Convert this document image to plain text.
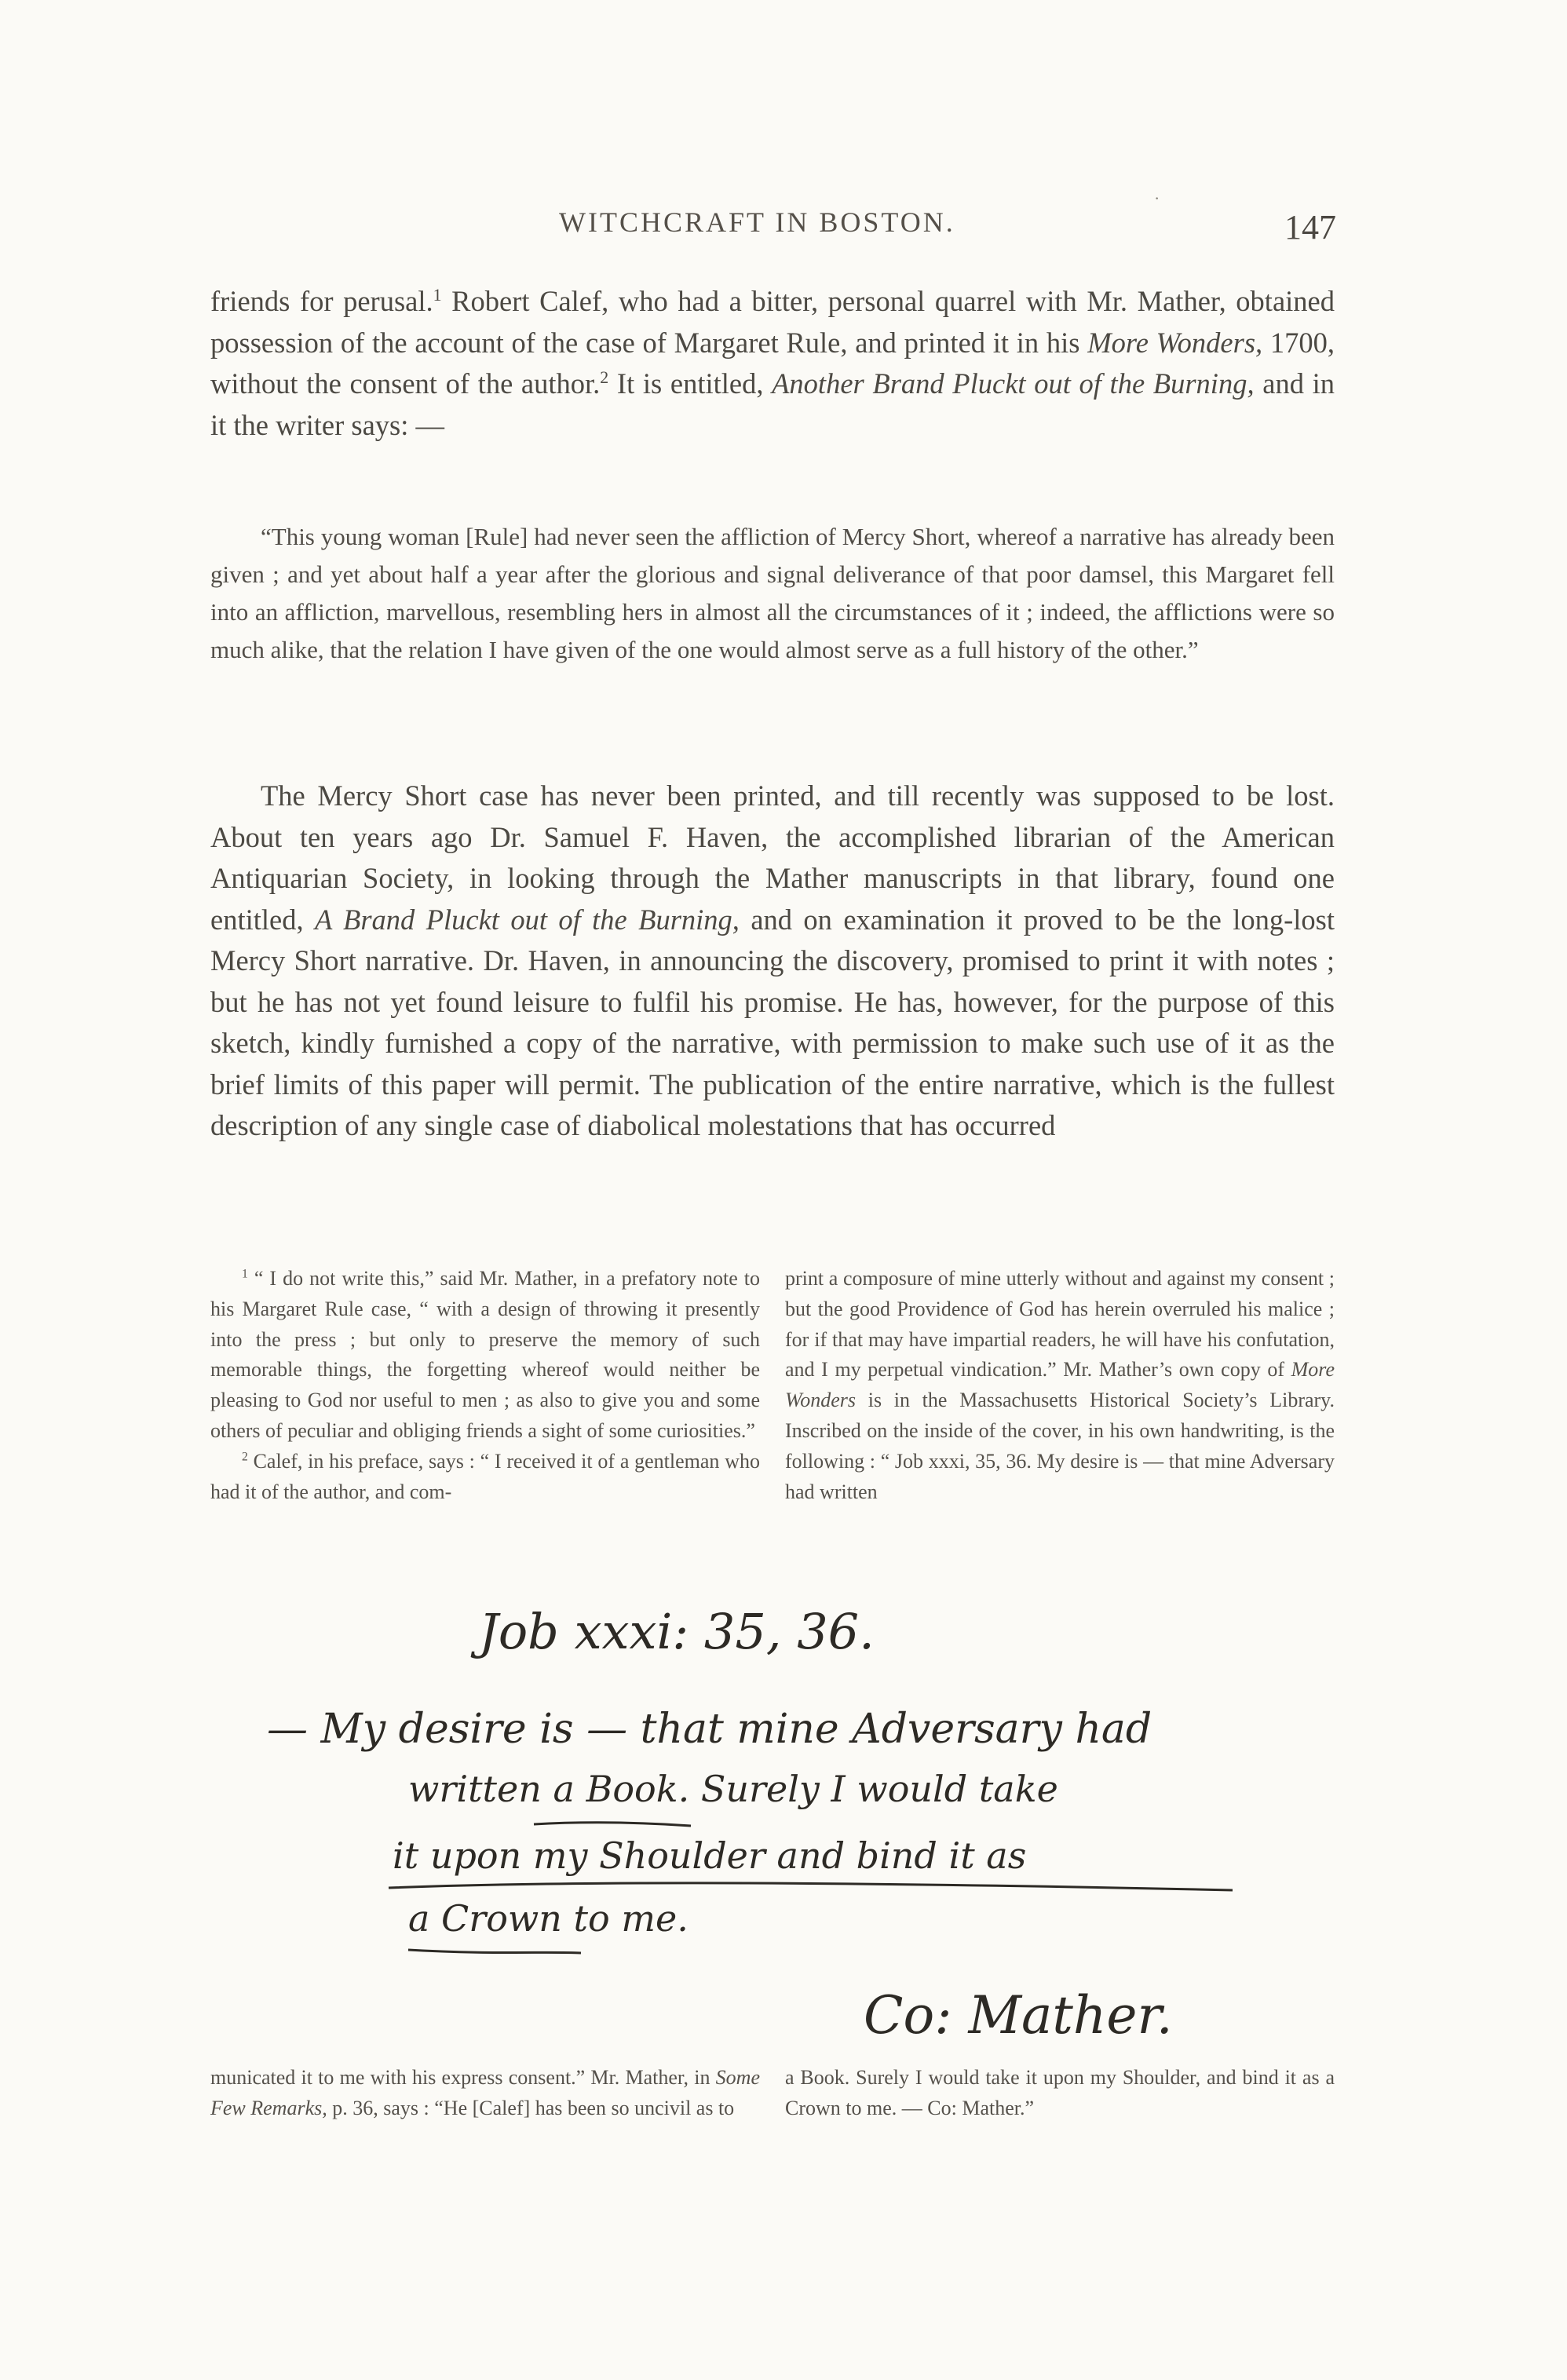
WITCHCRAFT IN BOSTON.	147
·

friends for perusal.$^1$ Robert Calef, who had a bitter, personal quarrel with Mr. Mather, obtained possession of the account of the case of Margaret Rule, and printed it in his More Wonders, 1700, without the consent of the author.$^2$ It is entitled, Another Brand Pluckt out of the Burning, and in it the writer says: —

“This young woman [Rule] had never seen the affliction of Mercy Short, whereof a narrative has already been given ; and yet about half a year after the glorious and signal deliverance of that poor damsel, this Margaret fell into an affliction, marvellous, resembling hers in almost all the circumstances of it ; indeed, the afflictions were so much alike, that the relation I have given of the one would almost serve as a full history of the other.”

The Mercy Short case has never been printed, and till recently was supposed to be lost. About ten years ago Dr. Samuel F. Haven, the accomplished librarian of the American Antiquarian Society, in looking through the Mather manuscripts in that library, found one entitled, A Brand Pluckt out of the Burning, and on examination it proved to be the long-lost Mercy Short narrative. Dr. Haven, in announcing the discovery, promised to print it with notes ; but he has not yet found leisure to fulfil his promise. He has, however, for the purpose of this sketch, kindly furnished a copy of the narrative, with permission to make such use of it as the brief limits of this paper will permit. The publication of the entire narrative, which is the fullest description of any single case of diabolical molestations that has occurred

$^1$ “ I do not write this,” said Mr. Mather, in a prefatory note to his Margaret Rule case, “ with a design of throwing it presently into the press ; but only to preserve the memory of such memorable things, the forgetting whereof would neither be pleasing to God nor useful to men ; as also to give you and some others of peculiar and obliging friends a sight of some curiosities.”

$^2$ Calef, in his preface, says : “ I received it of a gentleman who had it of the author, and com-

print a composure of mine utterly without and against my consent ; but the good Providence of God has herein overruled his malice ; for if that may have impartial readers, he will have his confutation, and I my perpetual vindication.” Mr. Mather’s own copy of More Wonders is in the Massachusetts Historical Society’s Library. Inscribed on the inside of the cover, in his own handwriting, is the following : “ Job xxxi, 35, 36. My desire is — that mine Adversary had written

Job xxxi: 35, 36.
— My desire is — that mine Adversary had
written a Book. Surely I would take
it upon my Shoulder and bind it as
a Crown to me.
Co: Mather.

municated it to me with his express consent.” Mr. Mather, in Some Few Remarks, p. 36, says : “He [Calef] has been so uncivil as to

a Book. Surely I would take it upon my Shoulder, and bind it as a Crown to me. — Co: Mather.”
